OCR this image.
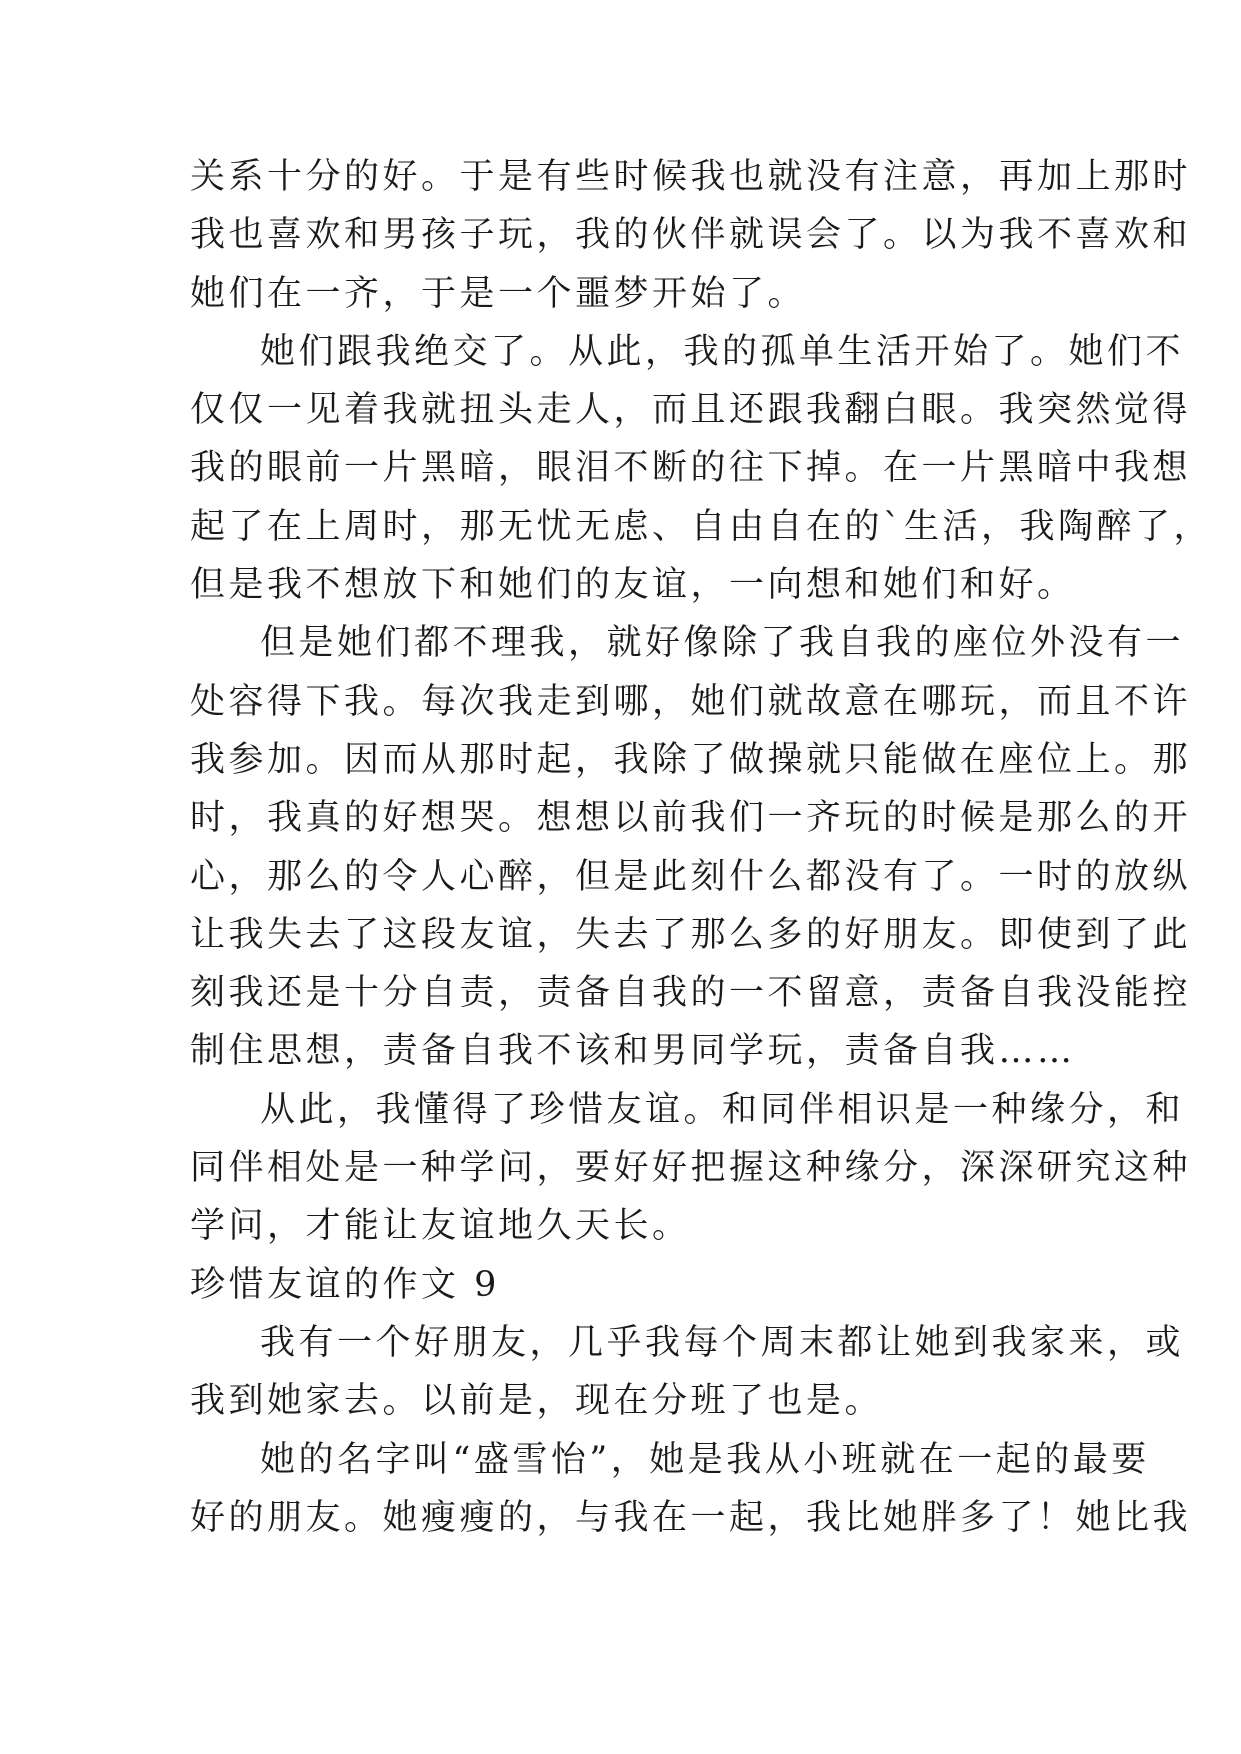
关系十分的好。于是有些时候我也就没有注意，再加上那时
我也喜欢和男孩子玩，我的伙伴就误会了。以为我不喜欢和
她们在一齐，于是一个噩梦开始了。
她们跟我绝交了。从此，我的孤单生活开始了。她们不
仅仅一见着我就扭头走人，而且还跟我翻白眼。我突然觉得
我的眼前一片黑暗，眼泪不断的往下掉。在一片黑暗中我想
起了在上周时，那无忧无虑、自由自在的`生活，我陶醉了，
但是我不想放下和她们的友谊，一向想和她们和好。
但是她们都不理我，就好像除了我自我的座位外没有一
处容得下我。每次我走到哪，她们就故意在哪玩，而且不许
我参加。因而从那时起，我除了做操就只能做在座位上。那
时，我真的好想哭。想想以前我们一齐玩的时候是那么的开
心，那么的令人心醉，但是此刻什么都没有了。一时的放纵
让我失去了这段友谊，失去了那么多的好朋友。即使到了此
刻我还是十分自责，责备自我的一不留意，责备自我没能控
制住思想，责备自我不该和男同学玩，责备自我……
从此，我懂得了珍惜友谊。和同伴相识是一种缘分，和
同伴相处是一种学问，要好好把握这种缘分，深深研究这种
学问，才能让友谊地久天长。
珍惜友谊的作文 9
我有一个好朋友，几乎我每个周末都让她到我家来，或
我到她家去。以前是，现在分班了也是。
她的名字叫“盛雪怡”，她是我从小班就在一起的最要
好的朋友。她瘦瘦的，与我在一起，我比她胖多了！她比我
